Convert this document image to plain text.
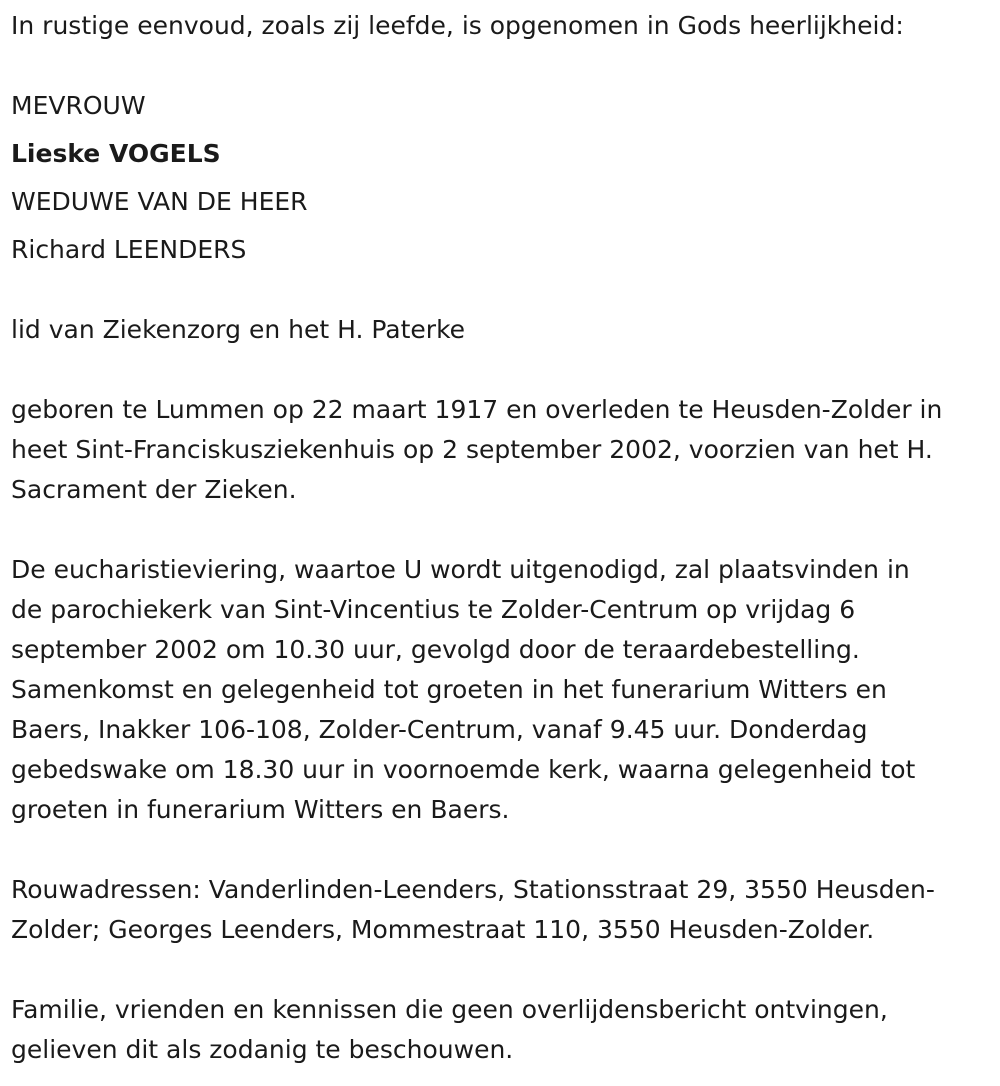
In rustige eenvoud, zoals zij leefde, is opgenomen in Gods heerlijkheid:
MEVROUW
Lieske VOGELS
WEDUWE VAN DE HEER
Richard LEENDERS
lid van Ziekenzorg en het H. Paterke
geboren te Lummen op 22 maart 1917 en overleden te Heusden-Zolder in
heet Sint-Franciskusziekenhuis op 2 september 2002, voorzien van het H.
Sacrament der Zieken.
De eucharistieviering, waartoe U wordt uitgenodigd, zal plaatsvinden in
de parochiekerk van Sint-Vincentius te Zolder-Centrum op vrijdag 6
september 2002 om 10.30 uur, gevolgd door de teraardebestelling.
Samenkomst en gelegenheid tot groeten in het funerarium Witters en
Baers, Inakker 106-108, Zolder-Centrum, vanaf 9.45 uur. Donderdag
gebedswake om 18.30 uur in voornoemde kerk, waarna gelegenheid tot
groeten in funerarium Witters en Baers.
Rouwadressen: Vanderlinden-Leenders, Stationsstraat 29, 3550 Heusden-
Zolder; Georges Leenders, Mommestraat 110, 3550 Heusden-Zolder.
Familie, vrienden en kennissen die geen overlijdensbericht ontvingen,
gelieven dit als zodanig te beschouwen.
